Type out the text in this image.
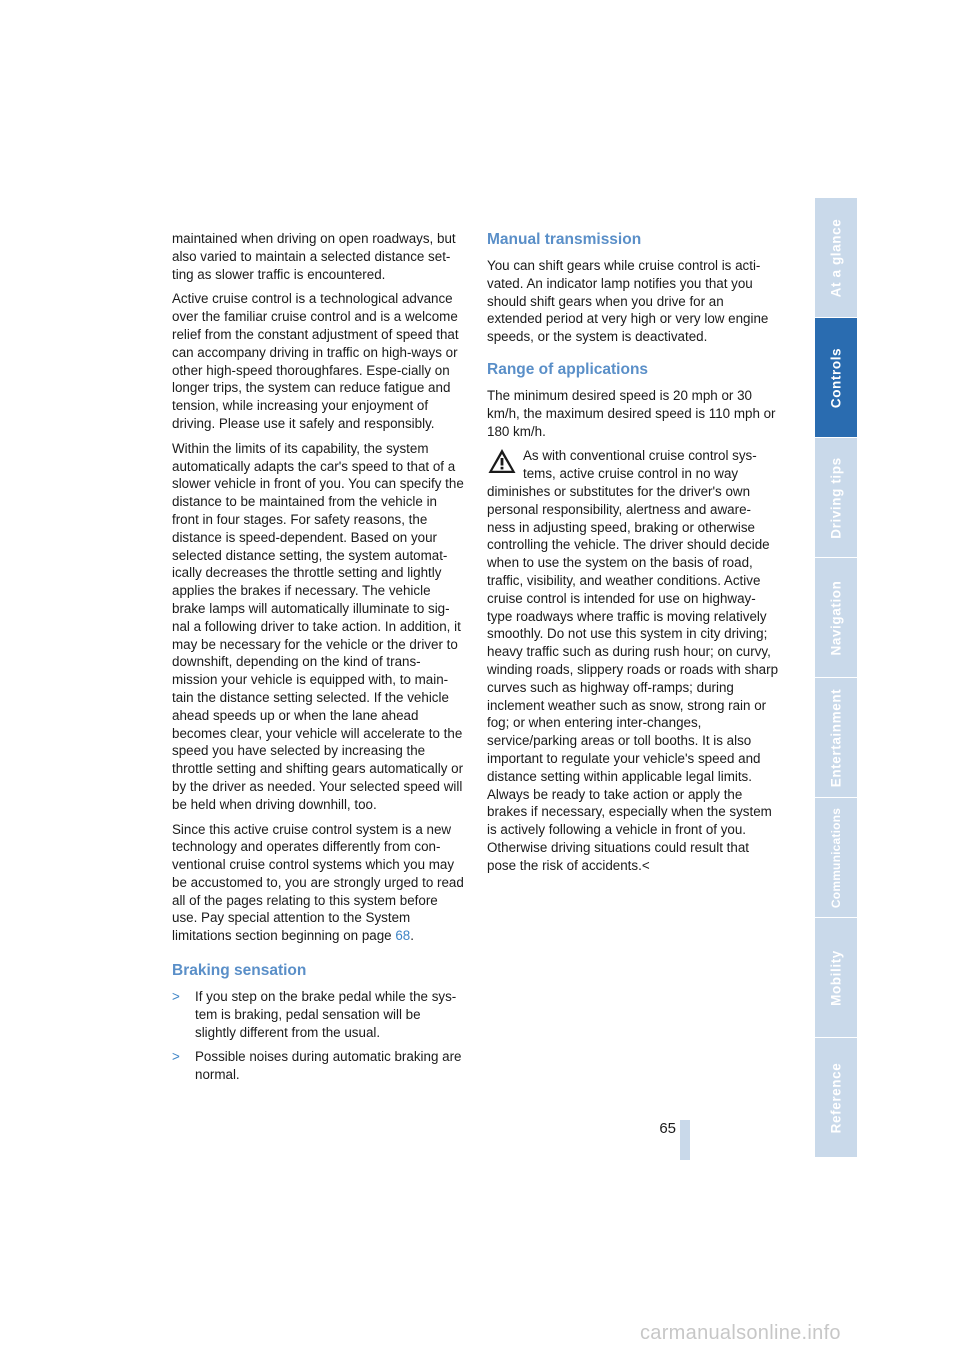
maintained when driving on open roadways, but also varied to maintain a selected distance set-ting as slower traffic is encountered.

Active cruise control is a technological advance over the familiar cruise control and is a welcome relief from the constant adjustment of speed that can accompany driving in traffic on high-ways or other high-speed thoroughfares. Espe-cially on longer trips, the system can reduce fatigue and tension, while increasing your enjoyment of driving. Please use it safely and responsibly.

Within the limits of its capability, the system automatically adapts the car's speed to that of a slower vehicle in front of you. You can specify the distance to be maintained from the vehicle in front in four stages. For safety reasons, the distance is speed-dependent. Based on your selected distance setting, the system automat-ically decreases the throttle setting and lightly applies the brakes if necessary. The vehicle brake lamps will automatically illuminate to sig-nal a following driver to take action. In addition, it may be necessary for the vehicle or the driver to downshift, depending on the kind of trans-mission your vehicle is equipped with, to main-tain the distance setting selected. If the vehicle ahead speeds up or when the lane ahead becomes clear, your vehicle will accelerate to the speed you have selected by increasing the throttle setting and shifting gears automatically or by the driver as needed. Your selected speed will be held when driving downhill, too.

Since this active cruise control system is a new technology and operates differently from con-ventional cruise control systems which you may be accustomed to, you are strongly urged to read all of the pages relating to this system before use. Pay special attention to the System limitations section beginning on page 68.

Braking sensation
> If you step on the brake pedal while the sys-tem is braking, pedal sensation will be slightly different from the usual.
> Possible noises during automatic braking are normal.
Manual transmission

You can shift gears while cruise control is acti-vated. An indicator lamp notifies you that you should shift gears when you drive for an extended period at very high or very low engine speeds, or the system is deactivated.

Range of applications

The minimum desired speed is 20 mph or 30 km/h, the maximum desired speed is 110 mph or 180 km/h.

As with conventional cruise control sys-tems, active cruise control in no way
diminishes or substitutes for the driver's own personal responsibility, alertness and aware-ness in adjusting speed, braking or otherwise controlling the vehicle. The driver should decide when to use the system on the basis of road, traffic, visibility, and weather conditions. Active cruise control is intended for use on highway-type roadways where traffic is moving relatively smoothly. Do not use this system in city driving; heavy traffic such as during rush hour; on curvy, winding roads, slippery roads or roads with sharp curves such as highway off-ramps; during inclement weather such as snow, strong rain or fog; or when entering inter-changes, service/parking areas or toll booths. It is also important to regulate your vehicle's speed and distance setting within applicable legal limits. Always be ready to take action or apply the brakes if necessary, especially when the system is actively following a vehicle in front of you. Otherwise driving situations could result that pose the risk of accidents.<
At a glance
Controls
Driving tips
Navigation
Entertainment
Communications
Mobility
Reference
65
carmanualsonline.info
